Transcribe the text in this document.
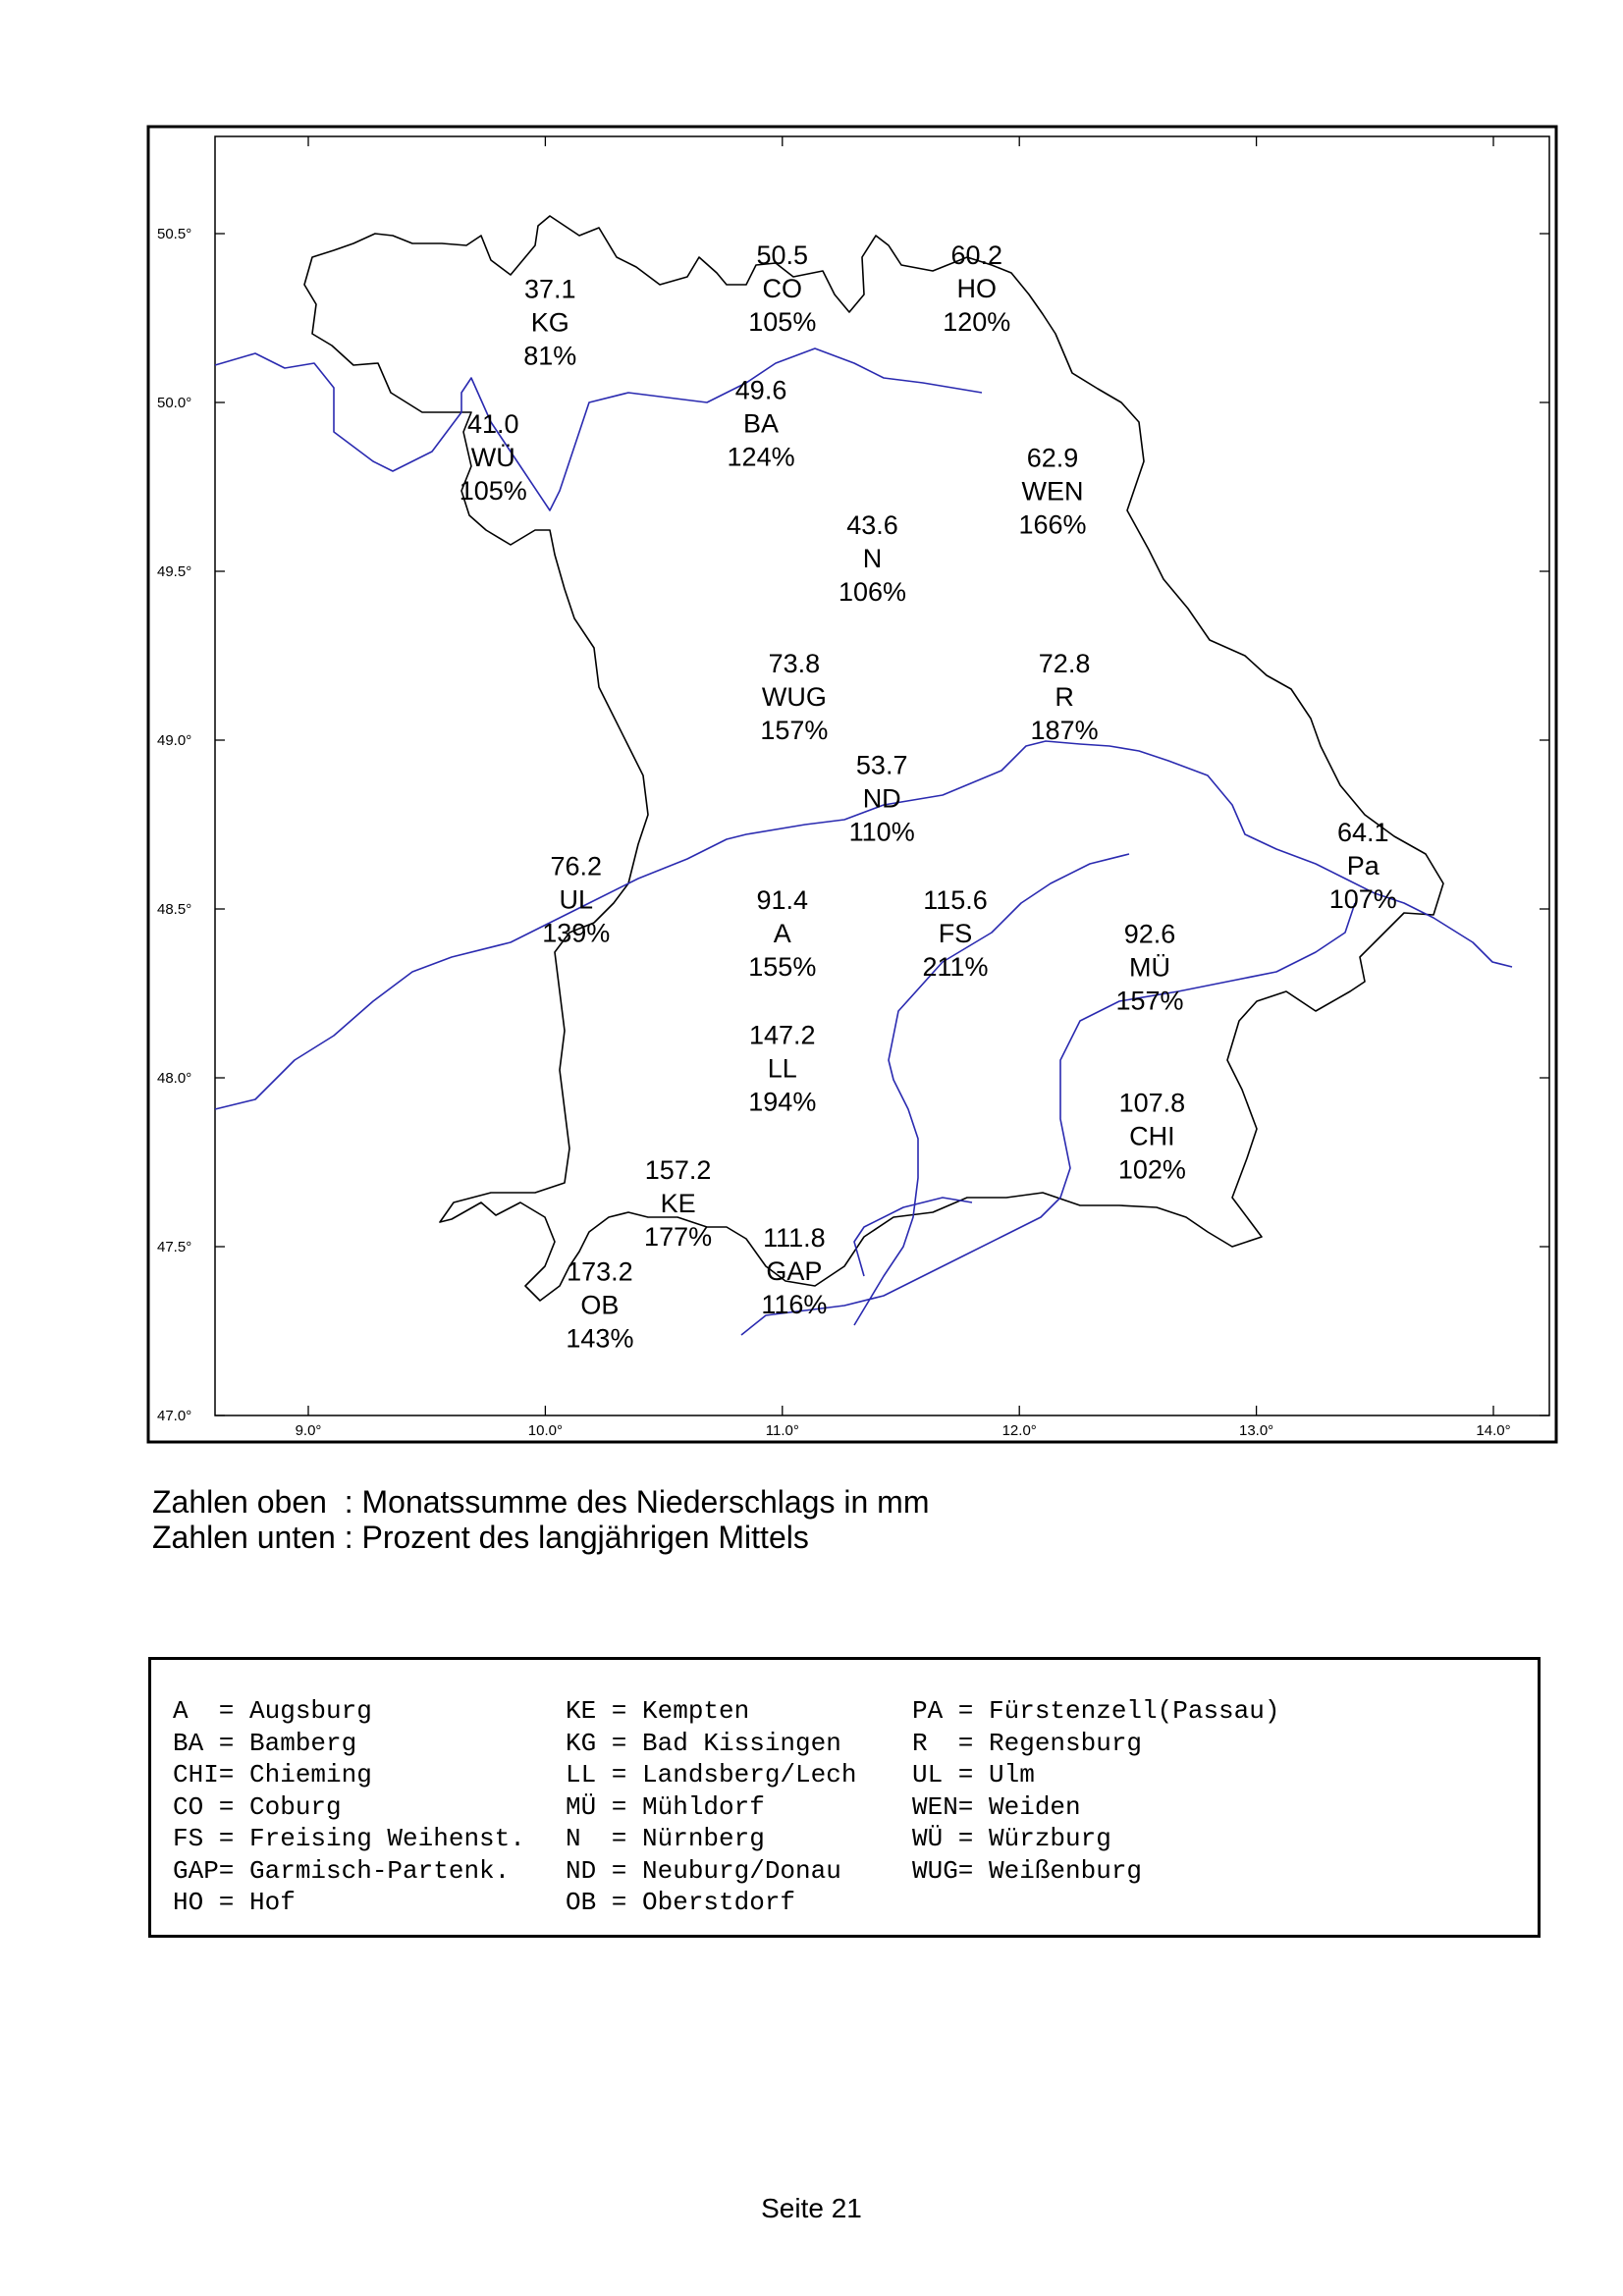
50.5°
50.0°
49.5°
49.0°
48.5°
48.0°
47.5°
47.0°
9.0°	10.0°	11.0°	12.0°	13.0°	14.0°
37.1
KG
81%
50.5
CO
105%
60.2
HO
120%
41.0
WÜ
105%
49.6
BA
124%	62.9
WEN
166%
43.6
N
106%
73.8
WUG
157%
72.8
R
187%
53.7
ND
110%	64.1
Pa
107%
76.2
UL
139%
91.4
A
155%
115.6
FS
211%
92.6
MÜ
157%
147.2
LL
194%	107.8
CHI
102%
157.2
KE
177% 111.8
GAP
116%
173.2
OB
143%
Zahlen oben  : Monatssumme des Niederschlags in mm
Zahlen unten : Prozent des langjährigen Mittels
A  = Augsburg
BA = Bamberg
CHI= Chieming
CO = Coburg
FS = Freising Weihenst.
GAP= Garmisch-Partenk.
HO = Hof
KE = Kempten
KG = Bad Kissingen
LL = Landsberg/Lech
MÜ = Mühldorf
N  = Nürnberg
ND = Neuburg/Donau
OB = Oberstdorf
PA = Fürstenzell(Passau)
R  = Regensburg
UL = Ulm
WEN= Weiden
WÜ = Würzburg
WUG= Weißenburg
Seite 21
